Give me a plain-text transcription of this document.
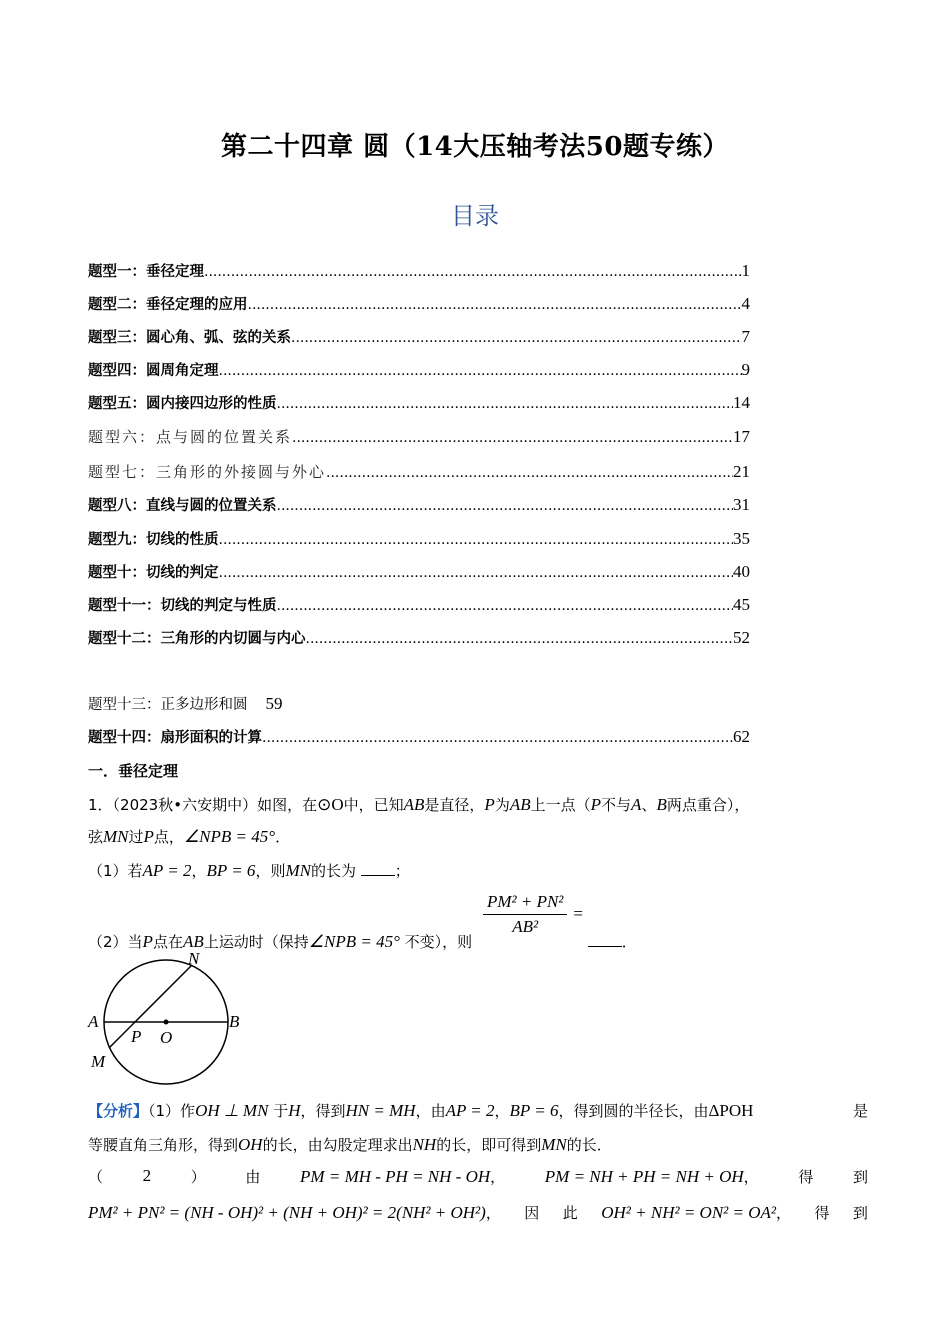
第二十四章 圆（14大压轴考法50题专练）
目录
题型一：垂径定理 .....	1
题型二：垂径定理的应用 .....	4
题型三：圆心角、弧、弦的关系 .....	7
题型四：圆周角定理 .....	9
题型五：圆内接四边形的性质 .....	14
题型六：点与圆的位置关系 .....	17
题型七：三角形的外接圆与外心 .....	21
题型八：直线与圆的位置关系 .....	31
题型九：切线的性质 .....	35
题型十：切线的判定 .....	40
题型十一：切线的判定与性质 .....	45
题型十二：三角形的内切圆与内心 .....	52
题型十三：正多边形和圆 59
题型十四：扇形面积的计算 .....	62
一．垂径定理
1．（2023秋•六安期中）如图，在⊙O中，已知AB是直径，P为AB上一点（P不与A、B两点重合），
弦MN过P点，∠NPB = 45°．
（1）若AP = 2，BP = 6，则MN的长为	；
（2）当P点在AB上运动时（保持∠NPB = 45° 不变），则
$\frac{\text{PM² + PN²}}{\text{AB²}}$ = ．
N
A	B
P O
M
【分析】（1）作OH ⊥ MN 于H，得到HN = MH，由AP = 2，BP = 6，得到圆的半径长，由ΔPOH	是
等腰直角三角形，得到OH的长，由勾股定理求出NH的长，即可得到MN的长．
（ 2	）	由 PM = MH - PH = NH - OH， PM = NH + PH = NH + OH，	得	到
PM² + PN² = (NH - OH)² + (NH + OH)² = 2(NH² + OH²)， 因 此 OH² + NH² = ON² = OA²， 得 到
